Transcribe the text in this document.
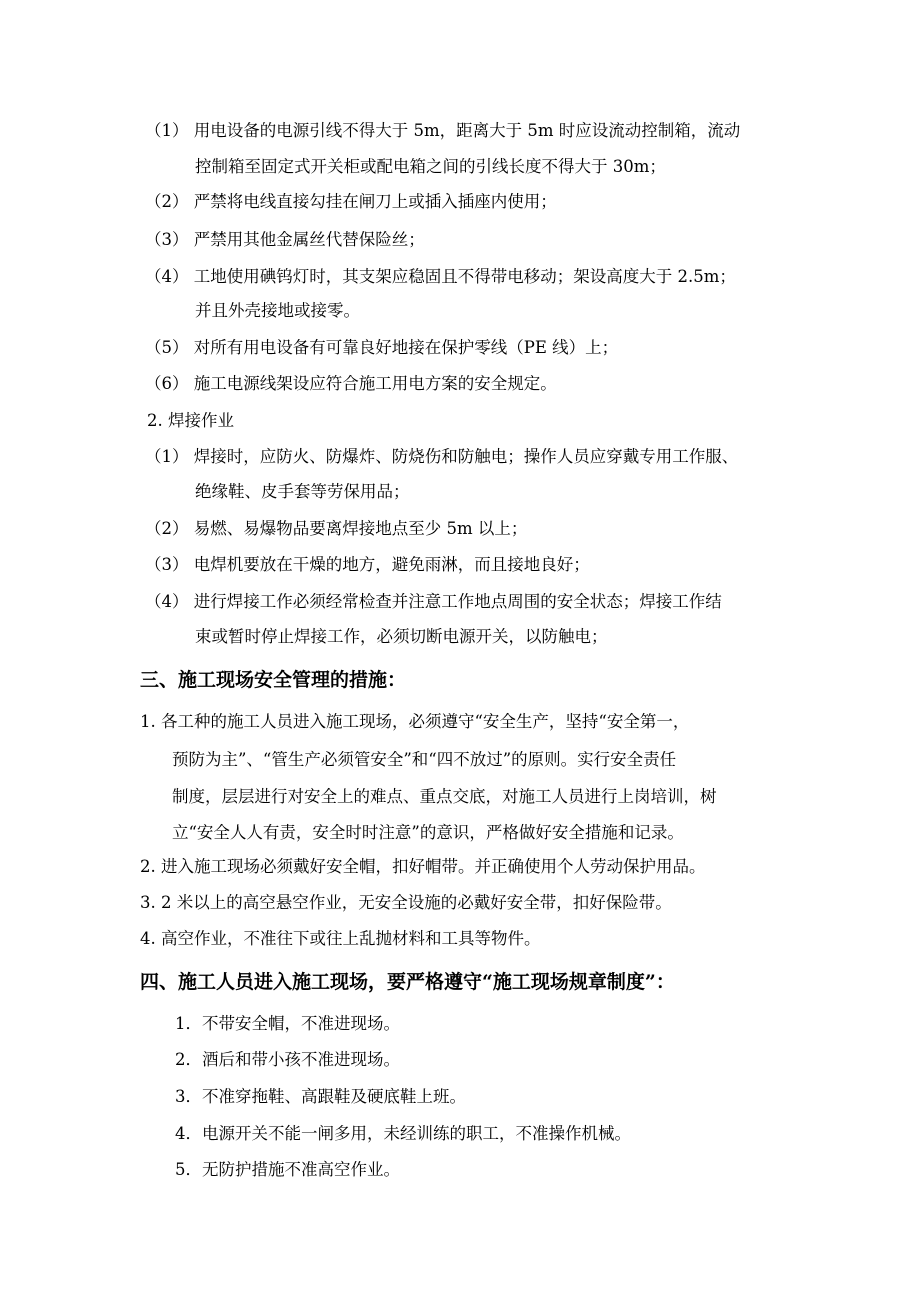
（1） 用电设备的电源引线不得大于 5m，距离大于 5m 时应设流动控制箱，流动

控制箱至固定式开关柜或配电箱之间的引线长度不得大于 30m；

（2） 严禁将电线直接勾挂在闸刀上或插入插座内使用；

（3） 严禁用其他金属丝代替保险丝；

（4） 工地使用碘钨灯时，其支架应稳固且不得带电移动；架设高度大于 2.5m；

并且外壳接地或接零。

（5） 对所有用电设备有可靠良好地接在保护零线（PE 线）上；

（6） 施工电源线架设应符合施工用电方案的安全规定。

2. 焊接作业

（1） 焊接时，应防火、防爆炸、防烧伤和防触电；操作人员应穿戴专用工作服、

绝缘鞋、皮手套等劳保用品；

（2） 易燃、易爆物品要离焊接地点至少 5m 以上；

（3） 电焊机要放在干燥的地方，避免雨淋，而且接地良好；

（4） 进行焊接工作必须经常检查并注意工作地点周围的安全状态；焊接工作结

束或暂时停止焊接工作，必须切断电源开关，以防触电；

三、施工现场安全管理的措施：

1. 各工种的施工人员进入施工现场，必须遵守“安全生产，坚持“安全第一，

预防为主”、“管生产必须管安全”和“四不放过”的原则。实行安全责任

制度，层层进行对安全上的难点、重点交底，对施工人员进行上岗培训，树

立“安全人人有责，安全时时注意”的意识，严格做好安全措施和记录。

2. 进入施工现场必须戴好安全帽，扣好帽带。并正确使用个人劳动保护用品。

3. 2 米以上的高空悬空作业，无安全设施的必戴好安全带，扣好保险带。

4. 高空作业，不准往下或往上乱抛材料和工具等物件。

四、施工人员进入施工现场，要严格遵守“施工现场规章制度”：

1．不带安全帽，不准进现场。

2．酒后和带小孩不准进现场。

3．不准穿拖鞋、高跟鞋及硬底鞋上班。

4．电源开关不能一闸多用，未经训练的职工，不准操作机械。

5．无防护措施不准高空作业。
